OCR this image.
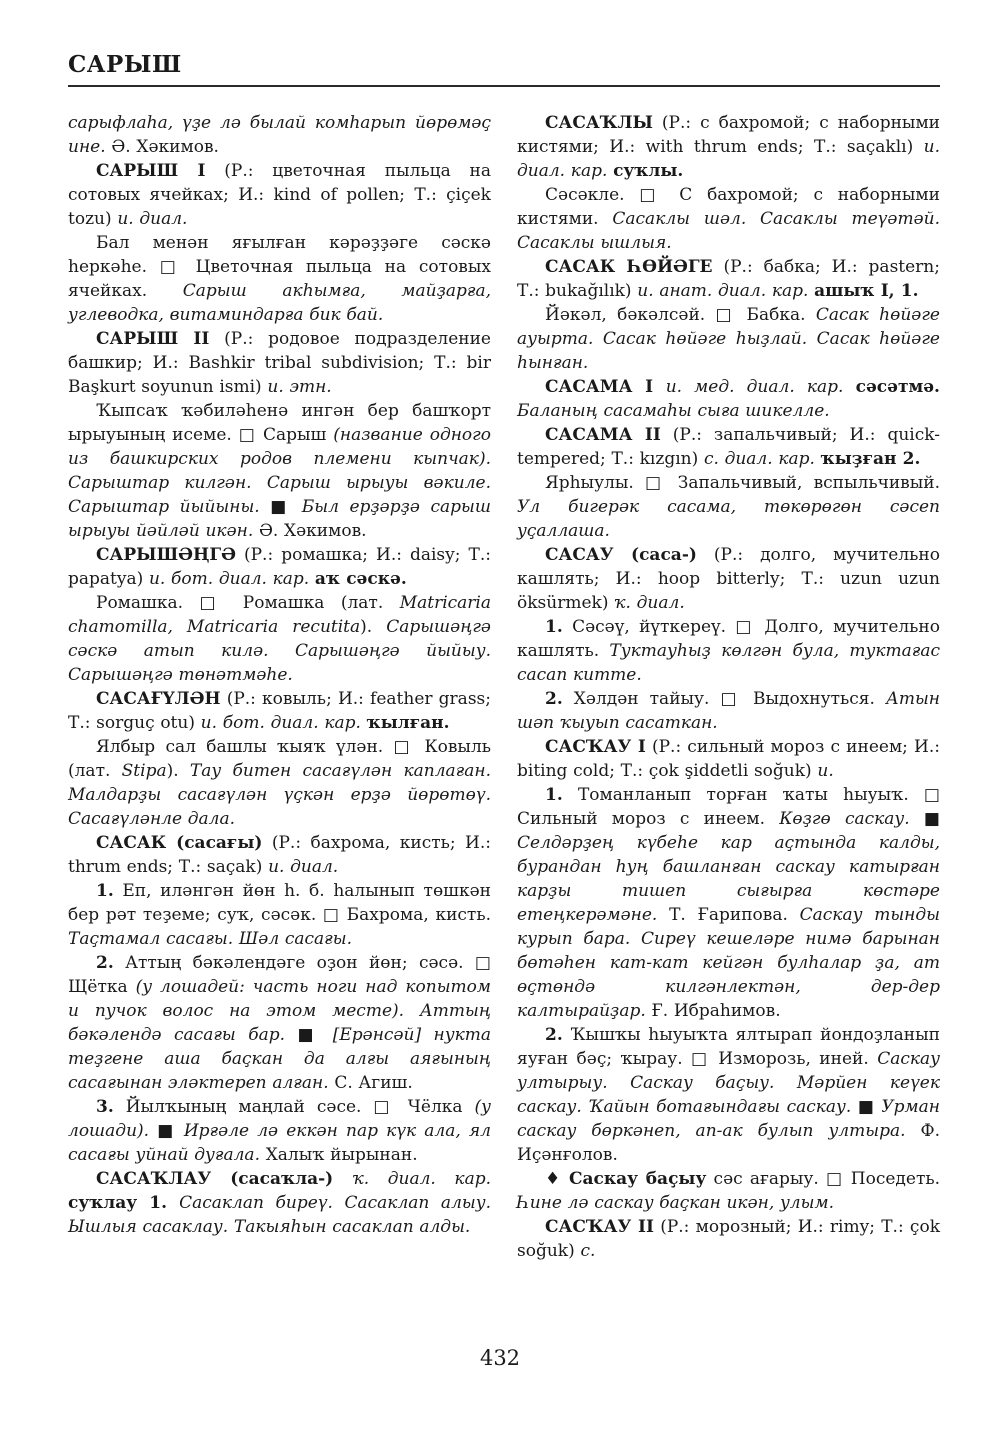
САРЫШ

сарыфлаһа, үҙе лә былай комһарып йөрөмәҫ ине. Ә. Хәкимов.

САРЫШ I (Р.: цветочная пыльца на сотовых ячейках; И.: kind of pollen; Т.: çiçek tozu) и. диал.

Бал менән яғылған кәрәҙҙәге сәскә һеркәһе. □ Цветочная пыльца на сотовых ячейках. Сарыш акһымға, майҙарға, углеводка, витаминдарға бик бай.

САРЫШ II (Р.: родовое подразделение башкир; И.: Bashkir tribal subdivision; Т.: bir Başkurt soyunun ismi) и. этн.

Ҡыпсаҡ ҡәбиләһенә ингән бер башҡорт ырыуының исеме. □ Сарыш (название одного из башкирских родов племени кыпчак). Сарыштар килгән. Сарыш ырыуы вәкиле. Сарыштар йыйыны. ■ Был ерҙәрҙә сарыш ырыуы йәйләй икән. Ә. Хәкимов.

САРЫШӘҢГӘ (Р.: ромашка; И.: daisy; Т.: papatya) и. бот. диал. кар. аҡ сәскә.

Ромашка. □ Ромашка (лат. Matricaria chamomilla, Matricaria recutita). Сарышәңгә сәскә атып килә. Сарышәңгә йыйыу. Сарышәңгә төнәтмәһе.

САСАҒҮЛӘН (Р.: ковыль; И.: feather grass; Т.: sorguç otu) и. бот. диал. кар. ҡылған.

Ялбыр сал башлы ҡыяҡ үлән. □ Ковыль (лат. Stipa). Тау битен сасағүлән каплаған. Малдарҙы сасағүлән үҫкән ерҙә йөрөтөү. Сасағүләнле дала.

САСАК (сасағы) (Р.: бахрома, кисть; И.: thrum ends; Т.: saçak) и. диал.

1. Еп, иләнгән йөн һ. б. һалынып төшкән бер рәт теҙеме; суҡ, сәсәк. □ Бахрома, кисть. Таҫтамал сасағы. Шәл сасағы.

2. Аттың бәкәлендәге оҙон йөн; сәсә. □ Щётка (у лошадей: часть ноги над копытом и пучок волос на этом месте). Аттың бәкәлендә сасағы бар. ■ [Ерәнсәй] нукта теҙгене аша баҫкан да алғы аяғының сасағынан эләктереп алған. С. Агиш.

3. Йылҡының маңлай сәсе. □ Чёлка (у лошади). ■ Ирғәле лә еккән пар күк ала, ял сасағы уйнай дуғала. Халыҡ йырынан.

САСАҠЛАУ (сасаҡла-) ҡ. диал. кар. суҡлау 1. Сасаклап биреү. Сасаклап алыу. Ышлыя сасаклау. Такыяһын сасаклап алды.

САСАҠЛЫ (Р.: с бахромой; с наборными кистями; И.: with thrum ends; Т.: saçaklı) и. диал. кар. суҡлы.

Сәсәкле. □ С бахромой; с наборными кистями. Сасаклы шәл. Сасаклы теүәтәй. Сасаклы ышлыя.

САСАК ҺӨЙӘГЕ (Р.: бабка; И.: pastern; Т.: bukağılık) и. анат. диал. кар. ашыҡ I, 1.

Йәкәл, бәкәлсәй. □ Бабка. Сасак һөйәге ауырта. Сасак һөйәге һыҙлай. Сасак һөйәге һынған.

САСАМА I и. мед. диал. кар. сәсәтмә. Баланың сасамаһы сыға шикелле.

САСАМА II (Р.: запальчивый; И.: quick-tempered; Т.: kızgın) с. диал. кар. ҡыҙған 2.

Ярһыулы. □ Запальчивый, вспыльчивый. Ул бигерәк сасама, төкөрөгөн сәсеп уҫаллаша.

САСАУ (саса-) (Р.: долго, мучительно кашлять; И.: hoop bitterly; Т.: uzun uzun öksürmek) ҡ. диал.

1. Сәсәү, йүткереү. □ Долго, мучительно кашлять. Туктауһыҙ көлгән була, туктағас сасап китте.

2. Хәлдән тайыу. □ Выдохнуться. Атын шәп ҡыуып сасаткан.

САСҠАУ I (Р.: сильный мороз с инеем; И.: biting cold; Т.: çok şiddetli soğuk) и.

1. Томанланып торған ҡаты һыуыҡ. □ Сильный мороз с инеем. Көҙгө саскау. ■ Селдәрҙең күбеһе кар аҫтында калды, бурандан һуң башланған саскау катырған карҙы тишеп сығырға көстәре етеңкерәмәне. Т. Ғарипова. Саскау тынды курып бара. Сиреү кешеләре нимә барынан бөтәһен кат-кат кейгән булһалар ҙа, ат өҫтөндә килгәнлектән, дер-дер калтырайҙар. Ғ. Ибраһимов.

2. Ҡышҡы һыуыҡта ялтырап йондоҙланып яуған бәҫ; ҡырау. □ Изморозь, иней. Саскау ултырыу. Саскау баҫыу. Мәрйен кеүек саскау. Ҡайын ботағындағы саскау. ■ Урман саскау бөркәнеп, ап-ак булып ултыра. Ф. Иҫәнғолов.

♦ Саскау баҫыу сәс ағарыу. □ Поседеть. Һине лә саскау баҫкан икән, улым.

САСҠАУ II (Р.: морозный; И.: rimy; Т.: çok soğuk) с.

432
